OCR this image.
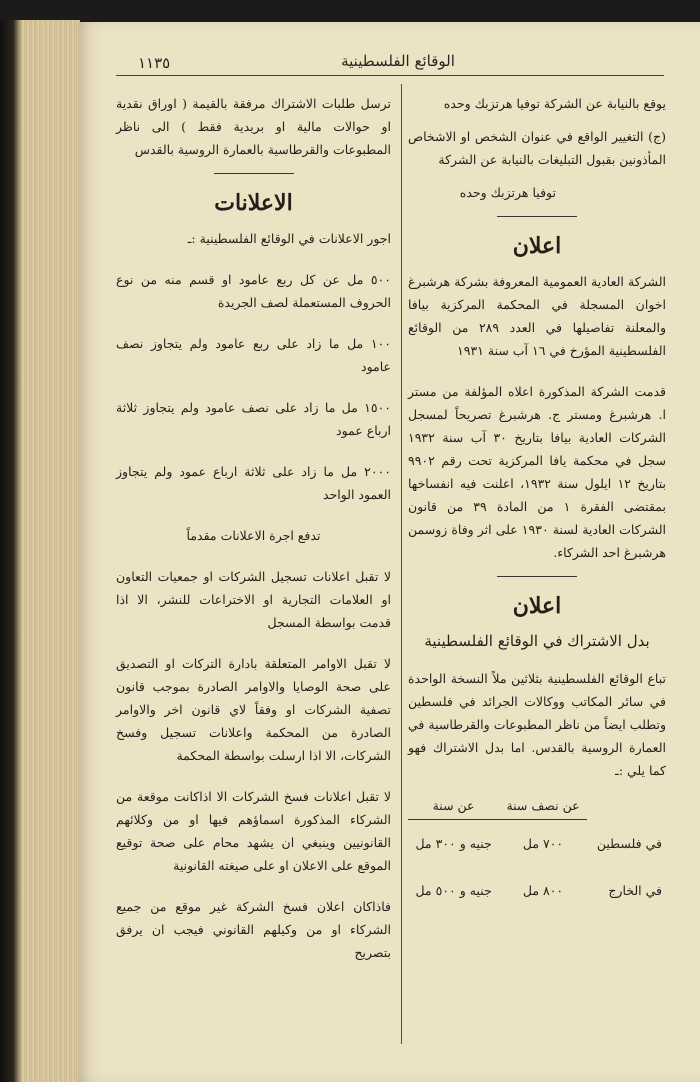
١١٣٥	الوقائع الفلسطينية

يوقع بالنيابة عن الشركة توفيا هرتزبك وحده

(ج) التغيير الواقع في عنوان الشخص او الاشخاص المأذونين بقبول التبليغات بالنيابة عن الشركة

توفيا هرتزبك وحده

اعلان

الشركة العادية العمومية المعروفة بشركة هرشبرغ اخوان المسجلة في المحكمة المركزية بيافا والمعلنة تفاصيلها في العدد ٢٨٩ من الوقائع الفلسطينية المؤرخ في ١٦ آب سنة ١٩٣١

قدمت الشركة المذكورة اعلاه المؤلفة من مستر ا. هرشبرغ ومستر ج. هرشبرغ تصريحاً لمسجل الشركات العادية بيافا بتاريخ ٣٠ آب سنة ١٩٣٢ سجل في محكمة يافا المركزية تحت رقم ٩٩٠٢ بتاريخ ١٢ ايلول سنة ١٩٣٢، اعلنت فيه انفساخها بمقتضى الفقرة ١ من المادة ٣٩ من قانون الشركات العادية لسنة ١٩٣٠ على اثر وفاة زوسمن هرشبرغ احد الشركاء.

اعلان
بدل الاشتراك في الوقائع الفلسطينية

تباع الوقائع الفلسطينية بثلاثين ملاً النسخة الواحدة في سائر المكاتب ووكالات الجرائد في فلسطين وتطلب ايضاً من ناظر المطبوعات والقرطاسية في العمارة الروسية بالقدس. اما بدل الاشتراك فهو كما يلي :ـ

	عن نصف سنة	عن سنة
في فلسطين	٧٠٠ مل	جنيه و ٣٠٠ مل
في الخارج	٨٠٠ مل	جنيه و ٥٠٠ مل

ترسل طلبات الاشتراك مرفقة بالقيمة ( اوراق نقدية او حوالات مالية او بريدية فقط ) الى ناظر المطبوعات والقرطاسية بالعمارة الروسية بالقدس

الاعلانات

اجور الاعلانات في الوقائع الفلسطينية :ـ

٥٠٠ مل عن كل ربع عامود او قسم منه من نوع الحروف المستعملة لصف الجريدة

١٠٠ مل ما زاد على ربع عامود ولم يتجاوز نصف عامود

١٥٠٠ مل ما زاد على نصف عامود ولم يتجاوز ثلاثة ارباع عمود

٢٠٠٠ مل ما زاد على ثلاثة ارباع عمود ولم يتجاوز العمود الواحد

تدفع اجرة الاعلانات مقدماً

لا تقبل اعلانات تسجيل الشركات او جمعيات التعاون او العلامات التجارية او الاختراعات للنشر، الا اذا قدمت بواسطة المسجل

لا تقبل الاوامر المتعلقة بادارة التركات او التصديق على صحة الوصايا والاوامر الصادرة بموجب قانون تصفية الشركات او وفقاً لاي قانون اخر والاوامر الصادرة من المحكمة واعلانات تسجيل وفسخ الشركات، الا اذا ارسلت بواسطة المحكمة

لا تقبل اعلانات فسخ الشركات الا اذاكانت موقعة من الشركاء المذكورة اسماؤهم فيها او من وكلائهم القانونيين وينبغي ان يشهد محام على صحة توقيع الموقع على الاعلان او على صيغته القانونية

فاذاكان اعلان فسخ الشركة غير موقع من جميع الشركاء او من وكيلهم القانوني فيجب ان يرفق بتصريح
